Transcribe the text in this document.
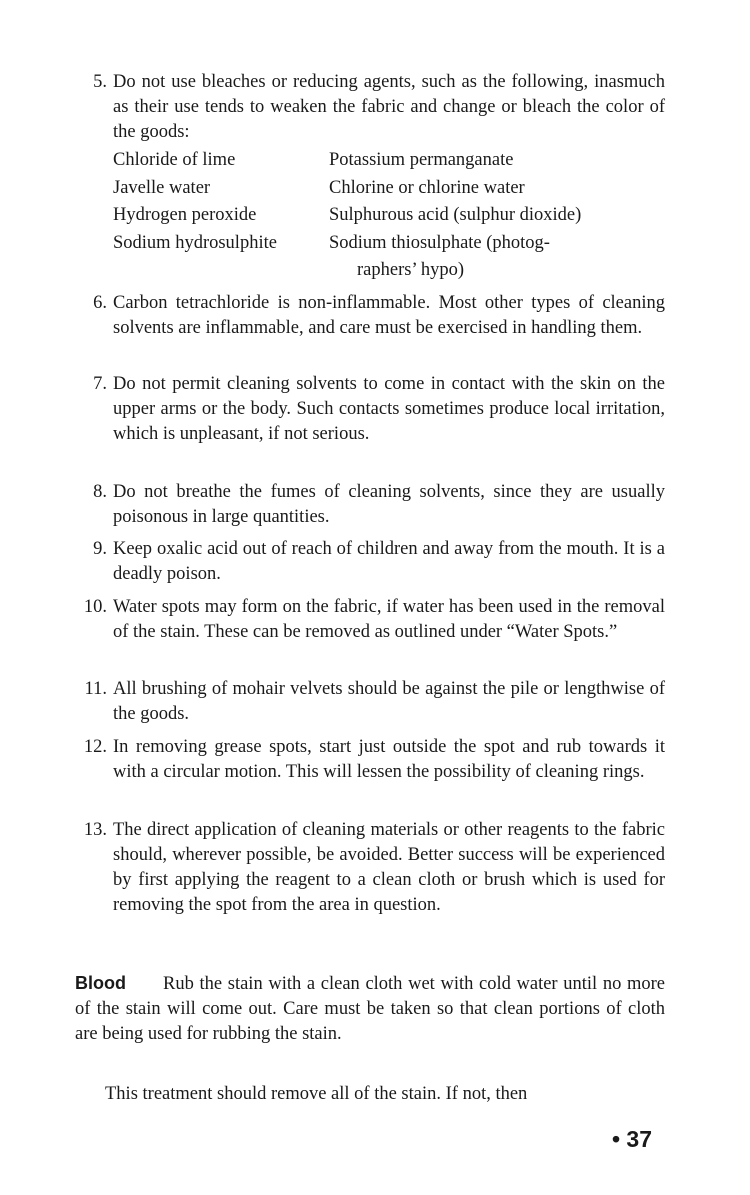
5. Do not use bleaches or reducing agents, such as the following, inasmuch as their use tends to weaken the fabric and change or bleach the color of the goods:
Chloride of lime	Potassium permanganate
Javelle water	Chlorine or chlorine water
Hydrogen peroxide	Sulphurous acid (sulphur dioxide)
Sodium hydrosulphite	Sodium thiosulphate (photog-
raphers’ hypo)
6. Carbon tetrachloride is non-inflammable. Most other types of cleaning solvents are inflammable, and care must be exercised in handling them.
7. Do not permit cleaning solvents to come in contact with the skin on the upper arms or the body. Such contacts sometimes produce local irritation, which is unpleasant, if not serious.
8. Do not breathe the fumes of cleaning solvents, since they are usually poisonous in large quantities.
9. Keep oxalic acid out of reach of children and away from the mouth. It is a deadly poison.
10. Water spots may form on the fabric, if water has been used in the removal of the stain. These can be removed as outlined under “Water Spots.”
11. All brushing of mohair velvets should be against the pile or lengthwise of the goods.
12. In removing grease spots, start just outside the spot and rub towards it with a circular motion. This will lessen the possibility of cleaning rings.
13. The direct application of cleaning materials or other reagents to the fabric should, wherever possible, be avoided. Better success will be experienced by first applying the reagent to a clean cloth or brush which is used for removing the spot from the area in question.
Blood Rub the stain with a clean cloth wet with cold water until no more of the stain will come out. Care must be taken so that clean portions of cloth are being used for rubbing the stain.
This treatment should remove all of the stain. If not, then
• 37
